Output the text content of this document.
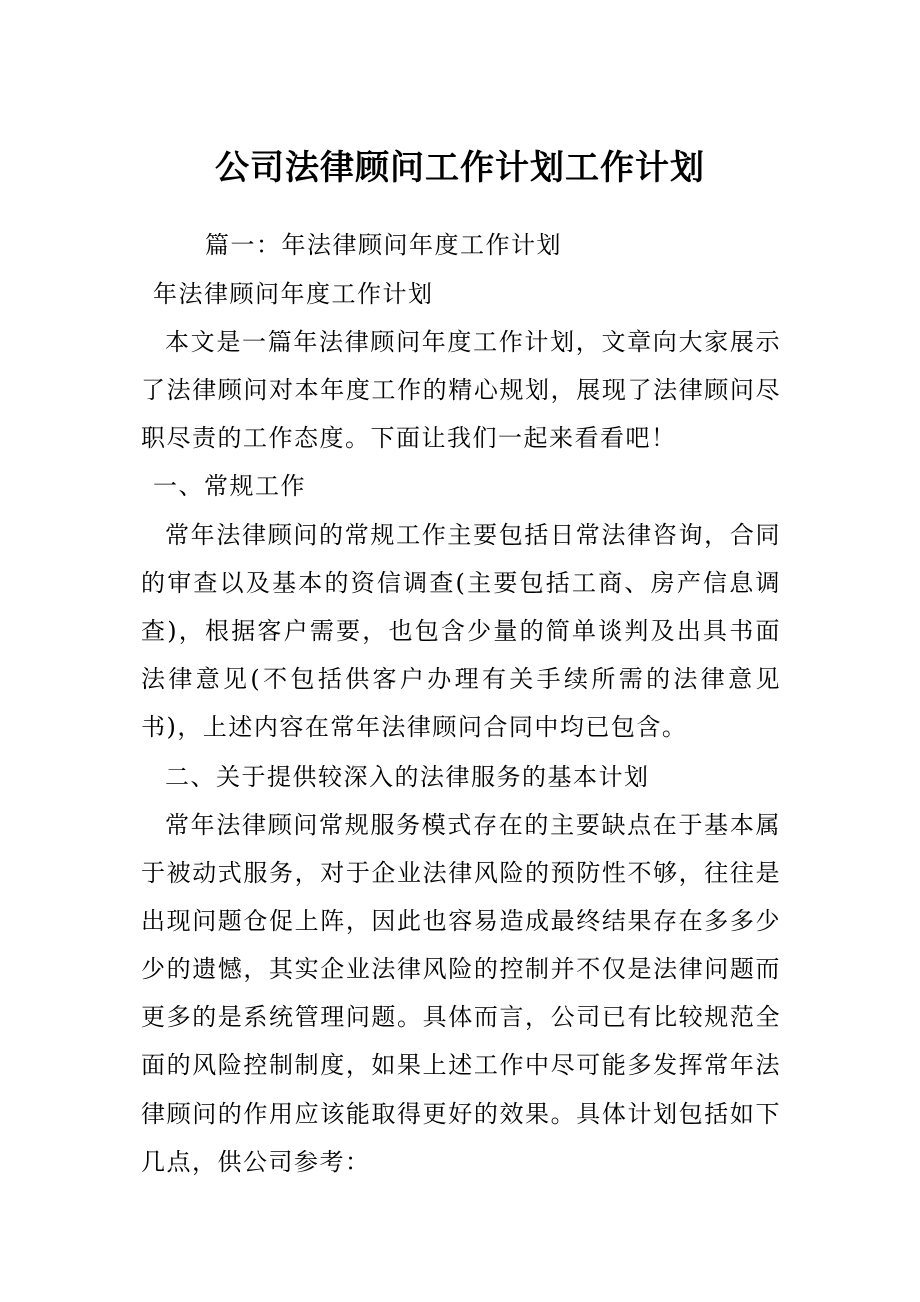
公司法律顾问工作计划工作计划
篇一：年法律顾问年度工作计划
年法律顾问年度工作计划
本文是一篇年法律顾问年度工作计划，文章向大家展示了法律顾问对本年度工作的精心规划，展现了法律顾问尽职尽责的工作态度。下面让我们一起来看看吧！
一、常规工作
常年法律顾问的常规工作主要包括日常法律咨询，合同的审查以及基本的资信调查(主要包括工商、房产信息调查)，根据客户需要，也包含少量的简单谈判及出具书面法律意见(不包括供客户办理有关手续所需的法律意见书)，上述内容在常年法律顾问合同中均已包含。
二、关于提供较深入的法律服务的基本计划
常年法律顾问常规服务模式存在的主要缺点在于基本属于被动式服务，对于企业法律风险的预防性不够，往往是出现问题仓促上阵，因此也容易造成最终结果存在多多少少的遗憾，其实企业法律风险的控制并不仅是法律问题而更多的是系统管理问题。具体而言，公司已有比较规范全面的风险控制制度，如果上述工作中尽可能多发挥常年法律顾问的作用应该能取得更好的效果。具体计划包括如下几点，供公司参考：
